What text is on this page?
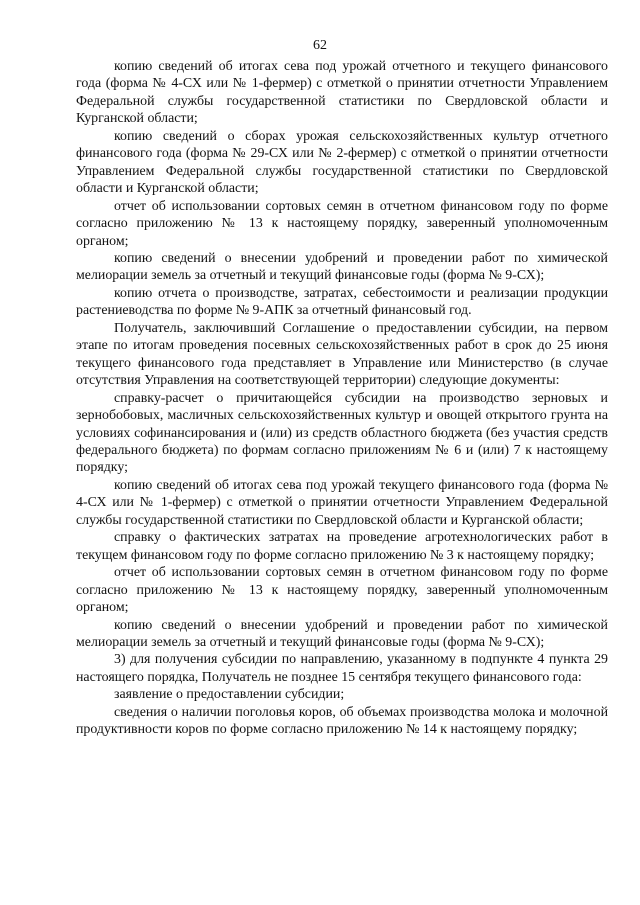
62

копию сведений об итогах сева под урожай отчетного и текущего финансового года (форма № 4-СХ или № 1-фермер) с отметкой о принятии отчетности Управлением Федеральной службы государственной статистики по Свердловской области и Курганской области;

копию сведений о сборах урожая сельскохозяйственных культур отчетного финансового года (форма № 29-СХ или № 2-фермер) с отметкой о принятии отчетности Управлением Федеральной службы государственной статистики по Свердловской области и Курганской области;

отчет об использовании сортовых семян в отчетном финансовом году по форме согласно приложению № 13 к настоящему порядку, заверенный уполномоченным органом;

копию сведений о внесении удобрений и проведении работ по химической мелиорации земель за отчетный и текущий финансовые годы (форма № 9-СХ);

копию отчета о производстве, затратах, себестоимости и реализации продукции растениеводства по форме № 9-АПК за отчетный финансовый год.

Получатель, заключивший Соглашение о предоставлении субсидии, на первом этапе по итогам проведения посевных сельскохозяйственных работ в срок до 25 июня текущего финансового года представляет в Управление или Министерство (в случае отсутствия Управления на соответствующей территории) следующие документы:

справку-расчет о причитающейся субсидии на производство зерновых и зернобобовых, масличных сельскохозяйственных культур и овощей открытого грунта на условиях софинансирования и (или) из средств областного бюджета (без участия средств федерального бюджета) по формам согласно приложениям № 6 и (или) 7 к настоящему порядку;

копию сведений об итогах сева под урожай текущего финансового года (форма № 4-СХ или № 1-фермер) с отметкой о принятии отчетности Управлением Федеральной службы государственной статистики по Свердловской области и Курганской области;

справку о фактических затратах на проведение агротехнологических работ в текущем финансовом году по форме согласно приложению № 3 к настоящему порядку;

отчет об использовании сортовых семян в отчетном финансовом году по форме согласно приложению № 13 к настоящему порядку, заверенный уполномоченным органом;

копию сведений о внесении удобрений и проведении работ по химической мелиорации земель за отчетный и текущий финансовые годы (форма № 9-СХ);

3) для получения субсидии по направлению, указанному в подпункте 4 пункта 29 настоящего порядка, Получатель не позднее 15 сентября текущего финансового года:

заявление о предоставлении субсидии;

сведения о наличии поголовья коров, об объемах производства молока и молочной продуктивности коров по форме согласно приложению № 14 к настоящему порядку;
